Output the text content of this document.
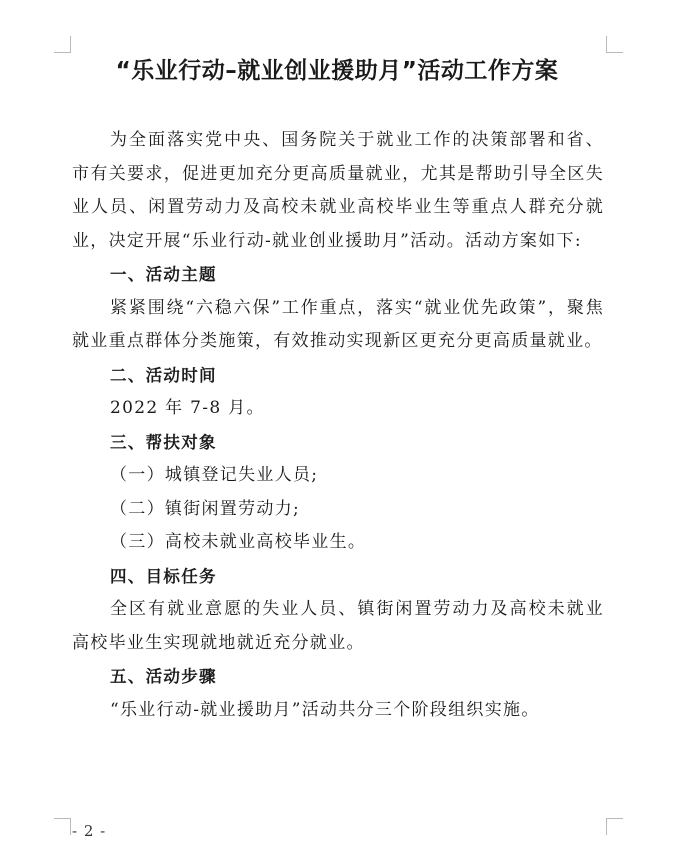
“乐业行动–就业创业援助月”活动工作方案

为全面落实党中央、国务院关于就业工作的决策部署和省、市有关要求，促进更加充分更高质量就业，尤其是帮助引导全区失业人员、闲置劳动力及高校未就业高校毕业生等重点人群充分就业，决定开展“乐业行动-就业创业援助月”活动。活动方案如下:

一、活动主题

紧紧围绕“六稳六保”工作重点，落实“就业优先政策”，聚焦就业重点群体分类施策，有效推动实现新区更充分更高质量就业。

二、活动时间

2022 年 7-8 月。

三、帮扶对象

（一）城镇登记失业人员;

（二）镇街闲置劳动力;

（三）高校未就业高校毕业生。

四、目标任务

全区有就业意愿的失业人员、镇街闲置劳动力及高校未就业高校毕业生实现就地就近充分就业。

五、活动步骤

“乐业行动-就业援助月”活动共分三个阶段组织实施。

- 2 -
